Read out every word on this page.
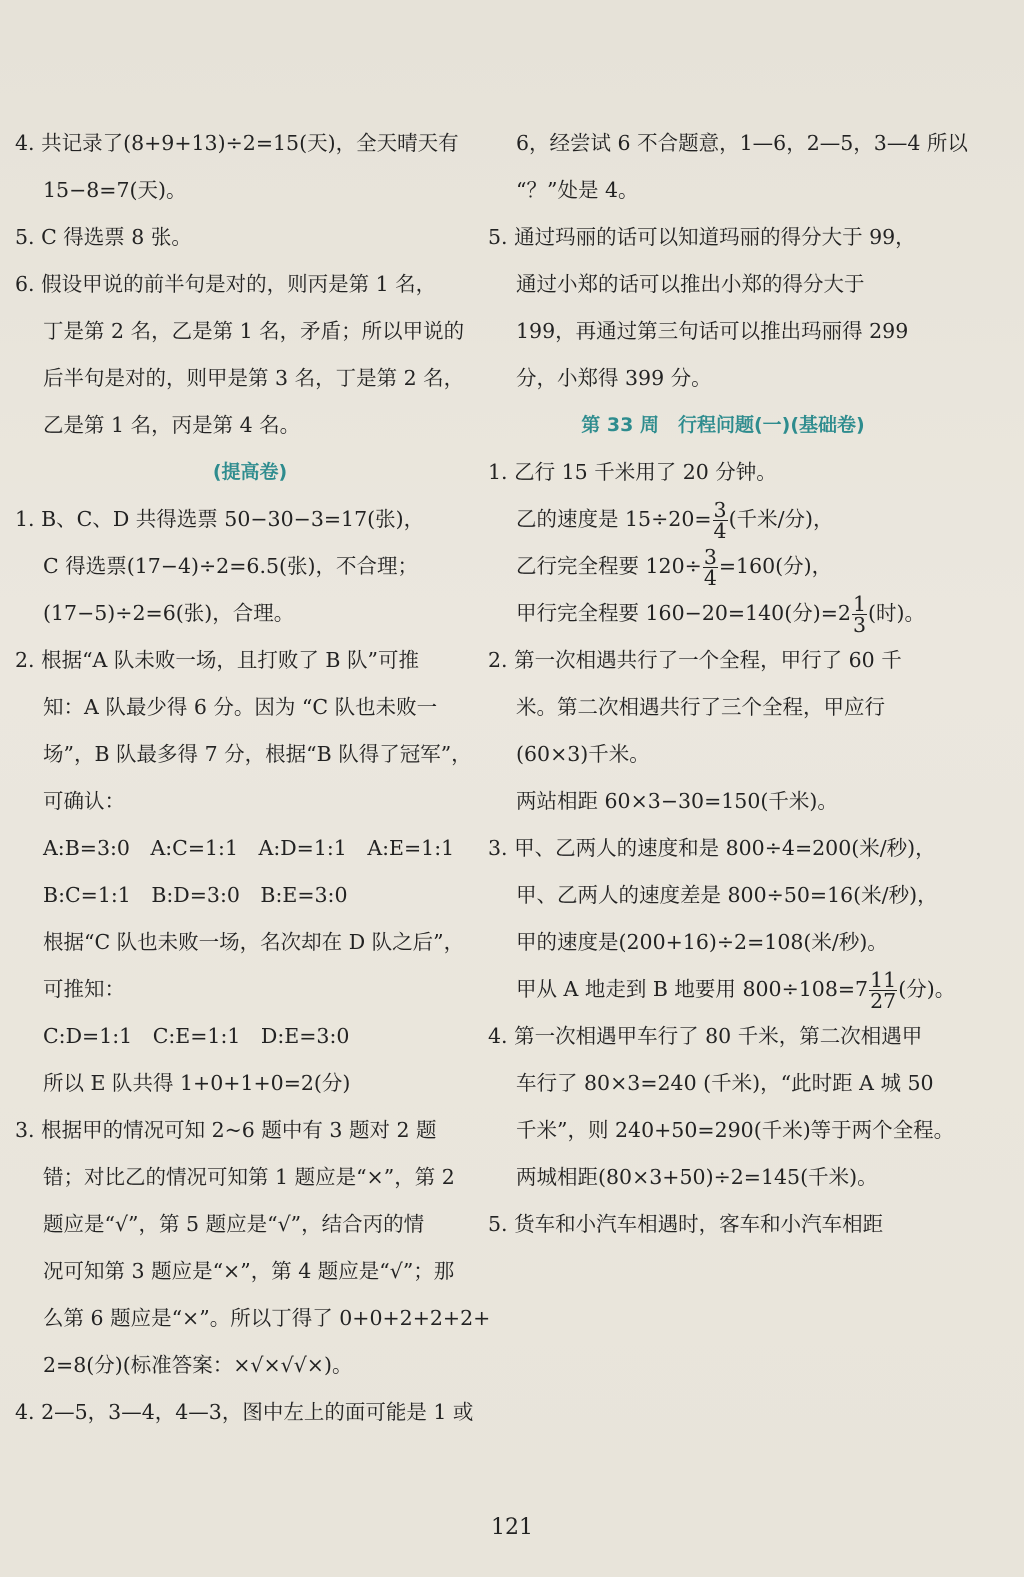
4. 共记录了(8+9+13)÷2=15(天)，全天晴天有
15−8=7(天)。
5. C 得选票 8 张。
6. 假设甲说的前半句是对的，则丙是第 1 名，
丁是第 2 名，乙是第 1 名，矛盾；所以甲说的
后半句是对的，则甲是第 3 名，丁是第 2 名，
乙是第 1 名，丙是第 4 名。
(提高卷)
1. B、C、D 共得选票 50−30−3=17(张)，
C 得选票(17−4)÷2=6.5(张)，不合理；
(17−5)÷2=6(张)，合理。
2. 根据“A 队未败一场，且打败了 B 队”可推
知：A 队最少得 6 分。因为 “C 队也未败一
场”，B 队最多得 7 分，根据“B 队得了冠军”，
可确认：
A:B=3:0　A:C=1:1　A:D=1:1　A:E=1:1
B:C=1:1　B:D=3:0　B:E=3:0
根据“C 队也未败一场，名次却在 D 队之后”，
可推知：
C:D=1:1　C:E=1:1　D:E=3:0
所以 E 队共得 1+0+1+0=2(分)
3. 根据甲的情况可知 2~6 题中有 3 题对 2 题
错；对比乙的情况可知第 1 题应是“×”，第 2
题应是“√”，第 5 题应是“√”，结合丙的情
况可知第 3 题应是“×”，第 4 题应是“√”；那
么第 6 题应是“×”。所以丁得了 0+0+2+2+2+
2=8(分)(标准答案：×√×√√×)。
4. 2—5，3—4，4—3，图中左上的面可能是 1 或
6，经尝试 6 不合题意，1—6，2—5，3—4 所以
“？”处是 4。
5. 通过玛丽的话可以知道玛丽的得分大于 99，
通过小郑的话可以推出小郑的得分大于
199，再通过第三句话可以推出玛丽得 299
分，小郑得 399 分。
第 33 周　行程问题(一)(基础卷)
1. 乙行 15 千米用了 20 分钟。
乙的速度是 $15\div 20= \frac{3}{4}$ (千米/分)，
乙行完全程要 $120\div \frac{3}{4} =160$(分)，
甲行完全程要 160−20=140(分)$=2 \frac{1}{3}$ (时)。
2. 第一次相遇共行了一个全程，甲行了 60 千
米。第二次相遇共行了三个全程，甲应行
(60×3)千米。
两站相距 60×3−30=150(千米)。
3. 甲、乙两人的速度和是 800÷4=200(米/秒)，
甲、乙两人的速度差是 800÷50=16(米/秒)，
甲的速度是(200+16)÷2=108(米/秒)。
甲从 A 地走到 B 地要用 $800\div 108=7 \frac{11}{27}$ (分)。
4. 第一次相遇甲车行了 80 千米，第二次相遇甲
车行了 80×3=240 (千米)，“此时距 A 城 50
千米”，则 240+50=290(千米)等于两个全程。
两城相距(80×3+50)÷2=145(千米)。
5. 货车和小汽车相遇时，客车和小汽车相距
121
